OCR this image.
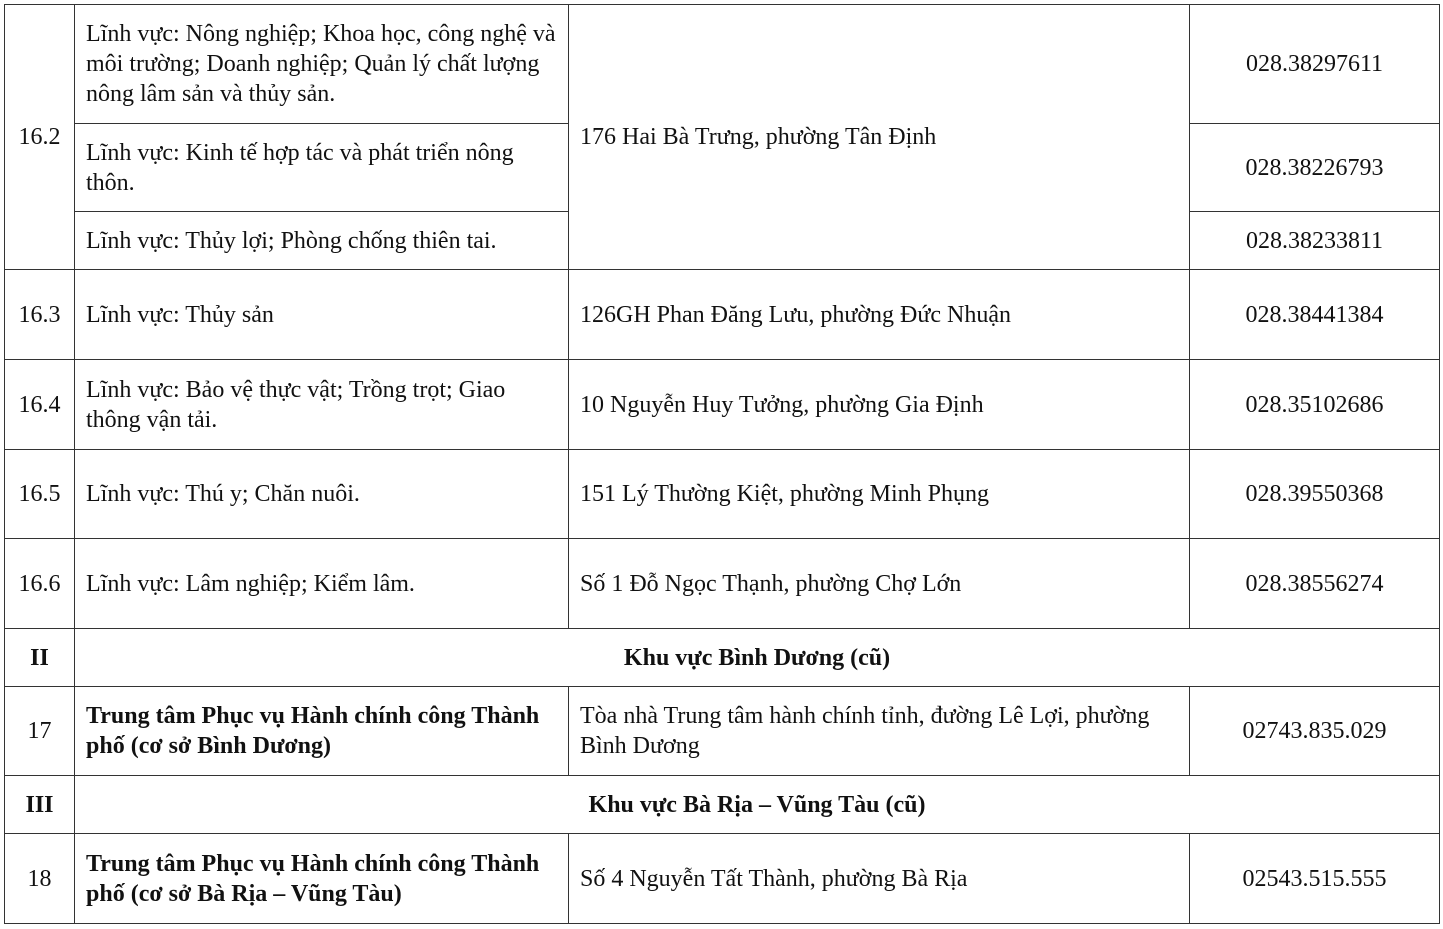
16.2	Lĩnh vực: Nông nghiệp; Khoa học, công nghệ và môi trường; Doanh nghiệp; Quản lý chất lượng nông lâm sản và thủy sản.	176 Hai Bà Trưng, phường Tân Định	028.38297611
	Lĩnh vực: Kinh tế hợp tác và phát triển nông thôn.		028.38226793
	Lĩnh vực: Thủy lợi; Phòng chống thiên tai.		028.38233811
16.3	Lĩnh vực: Thủy sản	126GH Phan Đăng Lưu, phường Đức Nhuận	028.38441384
16.4	Lĩnh vực: Bảo vệ thực vật; Trồng trọt; Giao thông vận tải.	10 Nguyễn Huy Tưởng, phường Gia Định	028.35102686
16.5	Lĩnh vực: Thú y; Chăn nuôi.	151 Lý Thường Kiệt, phường Minh Phụng	028.39550368
16.6	Lĩnh vực: Lâm nghiệp; Kiểm lâm.	Số 1 Đỗ Ngọc Thạnh, phường Chợ Lớn	028.38556274
II	Khu vực Bình Dương (cũ)		
17	Trung tâm Phục vụ Hành chính công Thành phố (cơ sở Bình Dương)	Tòa nhà Trung tâm hành chính tỉnh, đường Lê Lợi, phường Bình Dương	02743.835.029
III	Khu vực Bà Rịa – Vũng Tàu (cũ)		
18	Trung tâm Phục vụ Hành chính công Thành phố (cơ sở Bà Rịa – Vũng Tàu)	Số 4 Nguyễn Tất Thành, phường Bà Rịa	02543.515.555
